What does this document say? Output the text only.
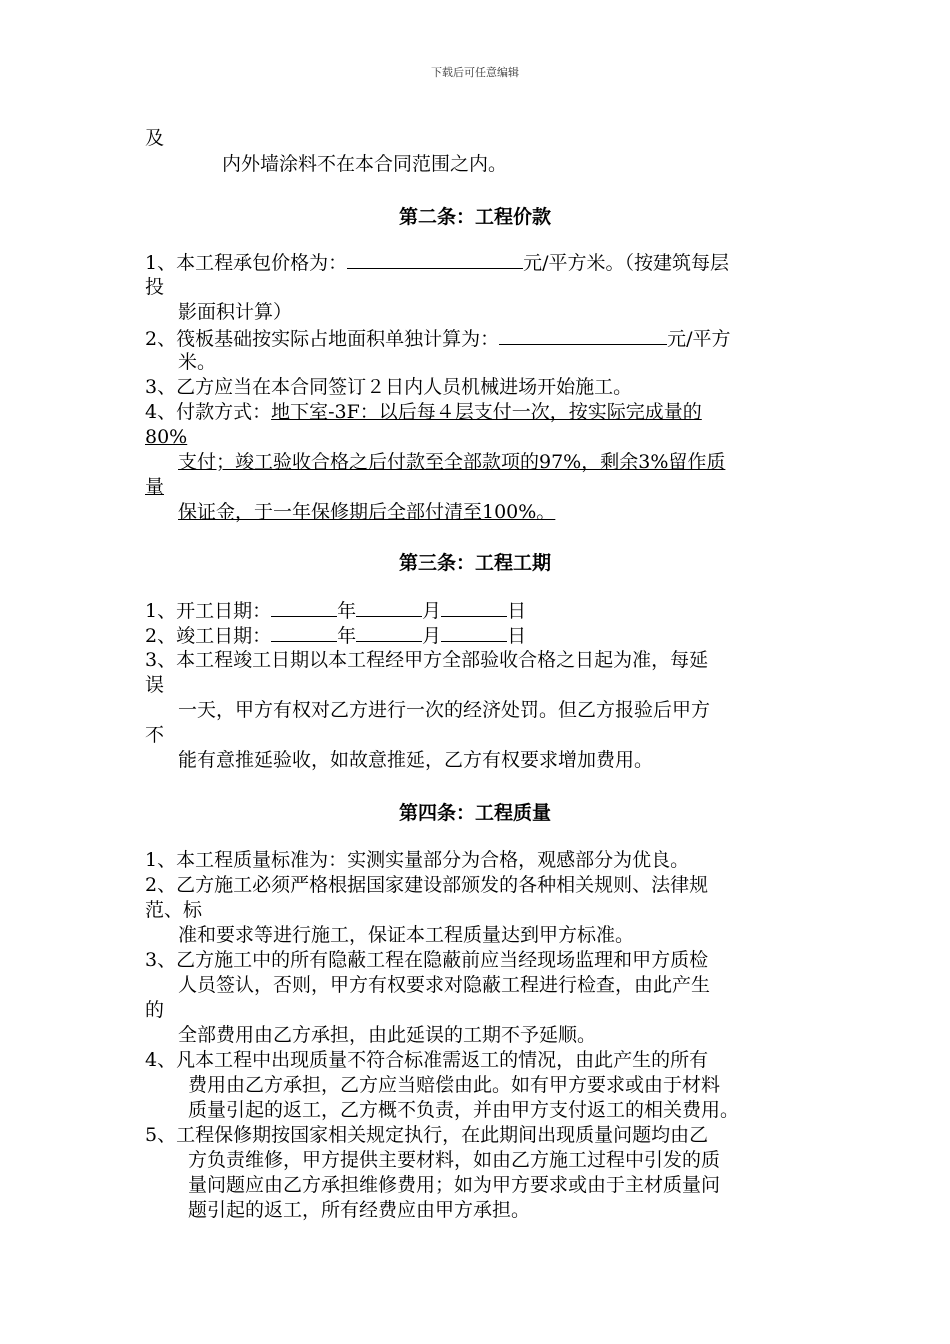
下载后可任意编辑
及
内外墙涂料不在本合同范围之内。
第二条：工程价款
1、本工程承包价格为：	元/平方米。（按建筑每层
投
影面积计算）
2、筏板基础按实际占地面积单独计算为：	元/平方
米。
3、乙方应当在本合同签订２日内人员机械进场开始施工。
4、付款方式：地下室-3F：以后每４层支付一次，按实际完成量的
80%
支付；竣工验收合格之后付款至全部款项的97%，剩余3%留作质
量
保证金，于一年保修期后全部付清至100%。
第三条：工程工期
1、开工日期：	年	月	日
2、竣工日期：	年	月	日
3、本工程竣工日期以本工程经甲方全部验收合格之日起为准，每延
误
一天，甲方有权对乙方进行一次的经济处罚。但乙方报验后甲方
不
能有意推延验收，如故意推延，乙方有权要求增加费用。
第四条：工程质量
1、本工程质量标准为：实测实量部分为合格，观感部分为优良。
2、乙方施工必须严格根据国家建设部颁发的各种相关规则、法律规
范、标
准和要求等进行施工，保证本工程质量达到甲方标准。
3、乙方施工中的所有隐蔽工程在隐蔽前应当经现场监理和甲方质检
人员签认，否则，甲方有权要求对隐蔽工程进行检查，由此产生
的
全部费用由乙方承担，由此延误的工期不予延顺。
4、凡本工程中出现质量不符合标准需返工的情况，由此产生的所有
费用由乙方承担，乙方应当赔偿由此。如有甲方要求或由于材料
质量引起的返工，乙方概不负责，并由甲方支付返工的相关费用。
5、工程保修期按国家相关规定执行，在此期间出现质量问题均由乙
方负责维修，甲方提供主要材料，如由乙方施工过程中引发的质
量问题应由乙方承担维修费用；如为甲方要求或由于主材质量问
题引起的返工，所有经费应由甲方承担。
